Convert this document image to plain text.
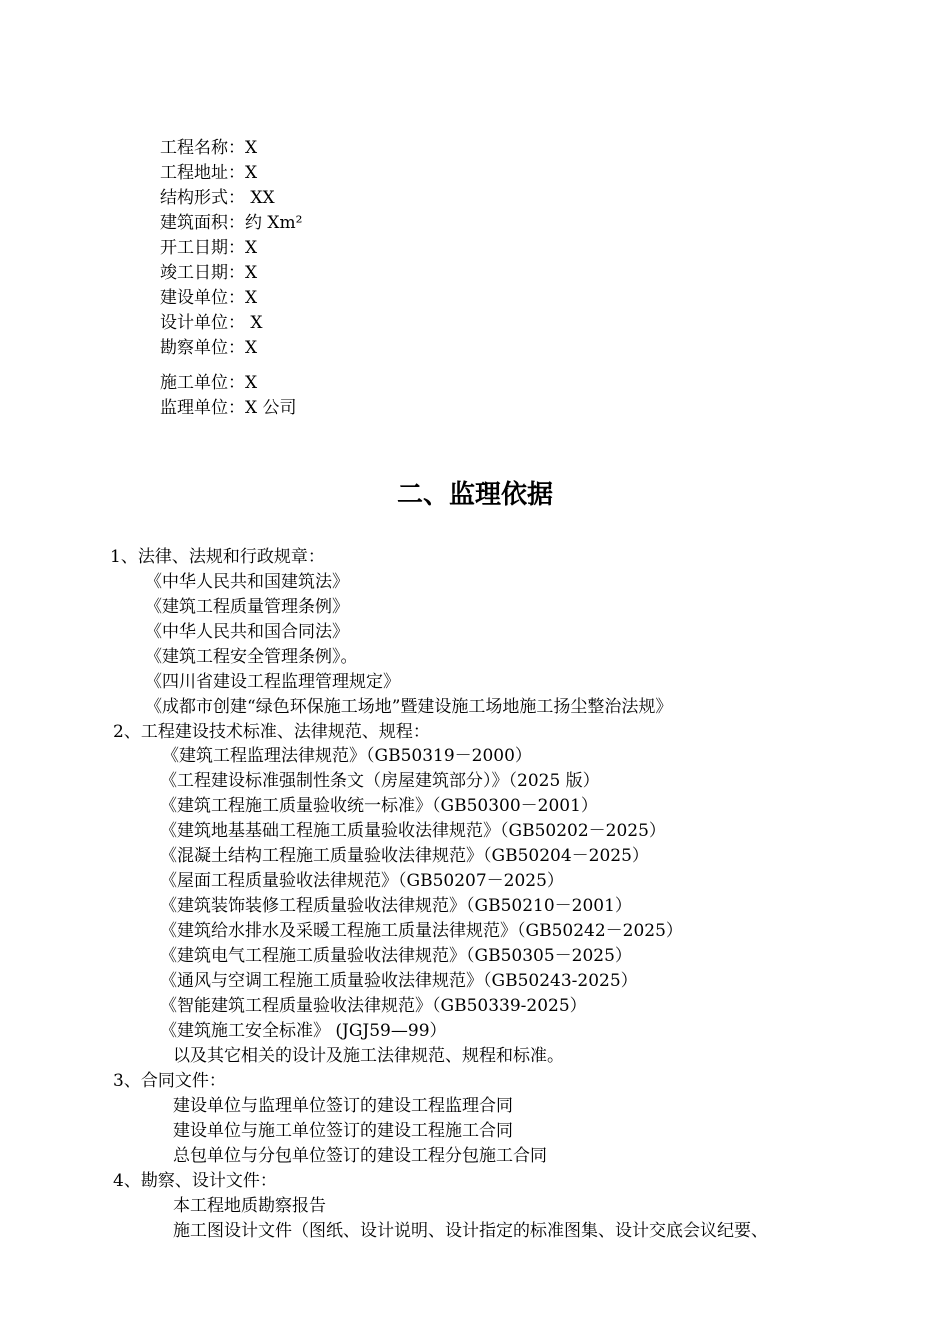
工程名称：X
工程地址：X
结构形式： XX
建筑面积：约 Xm²
开工日期：X
竣工日期：X
建设单位：X
设计单位： X
勘察单位：X
施工单位：X
监理单位：X 公司
二、监理依据
1、法律、法规和行政规章：
《中华人民共和国建筑法》
《建筑工程质量管理条例》
《中华人民共和国合同法》
《建筑工程安全管理条例》。
《四川省建设工程监理管理规定》
《成都市创建“绿色环保施工场地”暨建设施工场地施工扬尘整治法规》
2、工程建设技术标准、法律规范、规程：
《建筑工程监理法律规范》（GB50319－2000）
《工程建设标准强制性条文（房屋建筑部分）》（2025 版）
《建筑工程施工质量验收统一标准》（GB50300－2001）
《建筑地基基础工程施工质量验收法律规范》（GB50202－2025）
《混凝土结构工程施工质量验收法律规范》（GB50204－2025）
《屋面工程质量验收法律规范》（GB50207－2025）
《建筑装饰装修工程质量验收法律规范》（GB50210－2001）
《建筑给水排水及采暖工程施工质量法律规范》（GB50242－2025）
《建筑电气工程施工质量验收法律规范》（GB50305－2025）
《通风与空调工程施工质量验收法律规范》（GB50243-2025）
《智能建筑工程质量验收法律规范》（GB50339-2025）
《建筑施工安全标准》 (JGJ59—99）
以及其它相关的设计及施工法律规范、规程和标准。
3、合同文件：
建设单位与监理单位签订的建设工程监理合同
建设单位与施工单位签订的建设工程施工合同
总包单位与分包单位签订的建设工程分包施工合同
4、勘察、设计文件：
本工程地质勘察报告
施工图设计文件（图纸、设计说明、设计指定的标准图集、设计交底会议纪要、
